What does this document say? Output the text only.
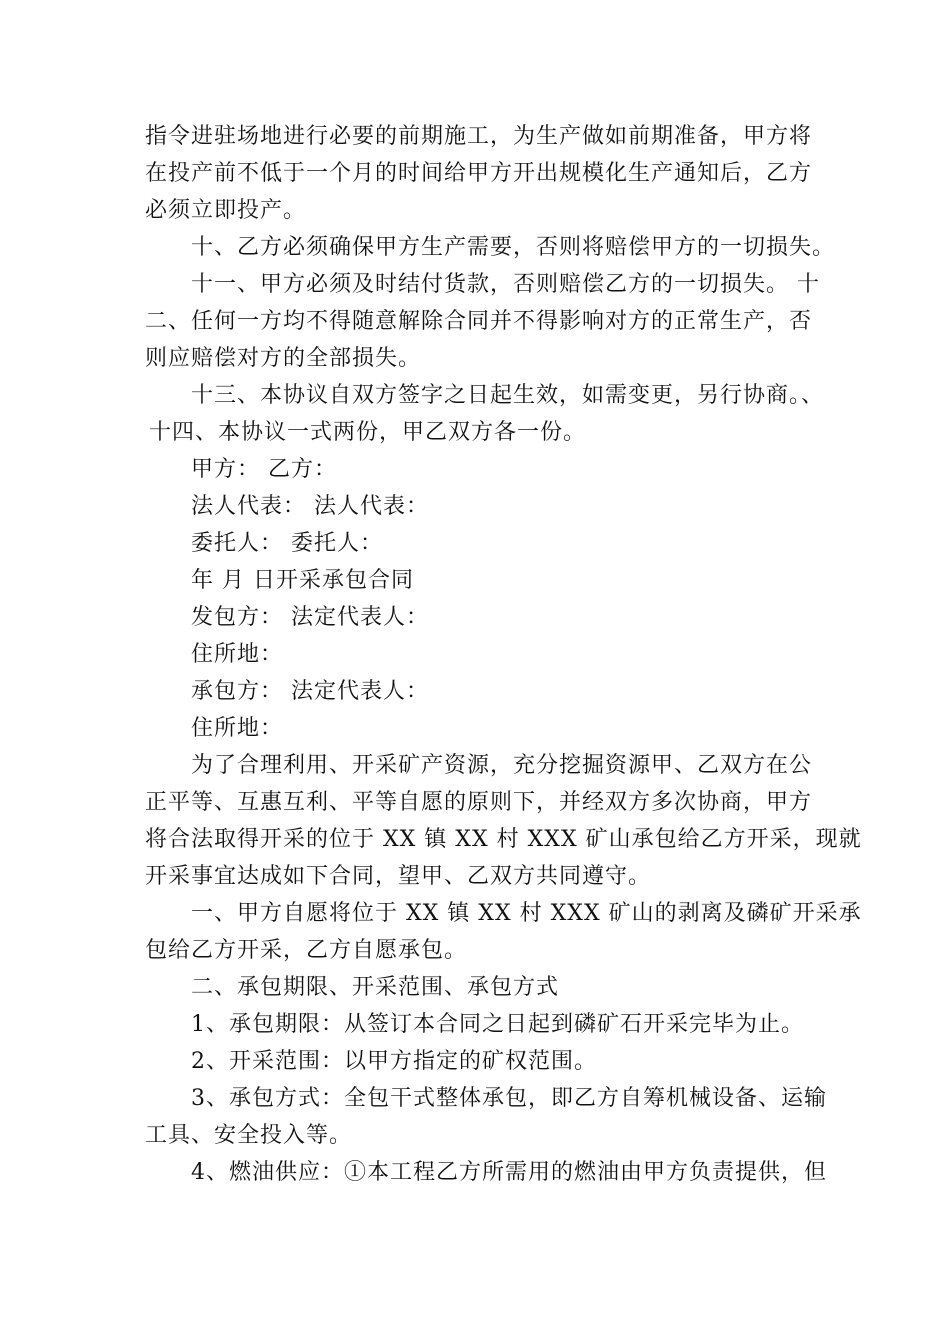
指令进驻场地进行必要的前期施工，为生产做如前期准备，甲方将
在投产前不低于一个月的时间给甲方开出规模化生产通知后，乙方
必须立即投产。
十、乙方必须确保甲方生产需要，否则将赔偿甲方的一切损失。
十一、甲方必须及时结付货款，否则赔偿乙方的一切损失。 十
二、任何一方均不得随意解除合同并不得影响对方的正常生产，否
则应赔偿对方的全部损失。
十三、本协议自双方签字之日起生效，如需变更，另行协商。、
十四、本协议一式两份，甲乙双方各一份。
甲方： 乙方：
法人代表： 法人代表：
委托人： 委托人：
年 月 日开采承包合同
发包方： 法定代表人：
住所地：
承包方： 法定代表人：
住所地：
为了合理利用、开采矿产资源，充分挖掘资源甲、乙双方在公
正平等、互惠互利、平等自愿的原则下，并经双方多次协商，甲方
将合法取得开采的位于 XX 镇 XX 村 XXX 矿山承包给乙方开采，现就
开采事宜达成如下合同，望甲、乙双方共同遵守。
一、甲方自愿将位于 XX 镇 XX 村 XXX 矿山的剥离及磷矿开采承
包给乙方开采，乙方自愿承包。
二、承包期限、开采范围、承包方式
1、承包期限：从签订本合同之日起到磷矿石开采完毕为止。
2、开采范围：以甲方指定的矿权范围。
3、承包方式：全包干式整体承包，即乙方自筹机械设备、运输
工具、安全投入等。
4、燃油供应：①本工程乙方所需用的燃油由甲方负责提供，但
